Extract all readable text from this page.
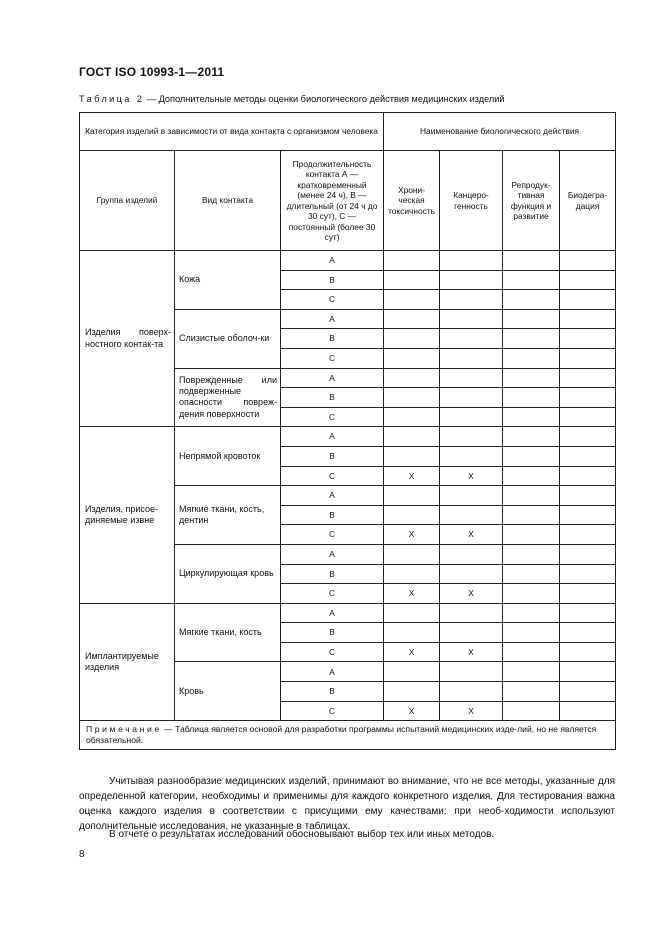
ГОСТ ISO 10993-1—2011
Таблица 2 — Дополнительные методы оценки биологического действия медицинских изделий
Категория изделий в зависимости от вида контакта с организмом человека			Наименование биологического действия			
Группа изделий	Вид контакта	Продолжительность контакта А — кратковременный (менее 24 ч), В — длительный (от 24 ч до 30 сут), С — постоянный (более 30 сут)	Хрони-ческая токсичность	Канцеро-генность	Репродук-тивная функция и развитие	Биодегра-дация
Изделия поверх-ностного контак-та	Кожа	А				
		В				
		С				
	Слизистые оболоч-ки	А				
		В				
		С				
	Поврежденные или подверженные опасности повреж-дения поверхности	А				
		В				
		С				
Изделия, присое-диняемые извне	Непрямой кровоток	А				
		В				
		С	X	X		
	Мягкие ткани, кость, дентин	А				
		В				
		С	X	X		
	Циркулирующая кровь	А				
		В				
		С	X	X		
Имплантируемые изделия	Мягкие ткани, кость	А				
		В				
		С	X	X		
	Кровь	А				
		В				
		С	X	X		
Примечание — Таблица является основой для разработки программы испытаний медицинских изде-лий, но не является обязательной.						
Учитывая разнообразие медицинских изделий, принимают во внимание, что не все методы, указанные для определенной категории, необходимы и применимы для каждого конкретного изделия. Для тестирования важна оценка каждого изделия в соответствии с присущими ему качествами: при необ-ходимости используют дополнительные исследования, не указанные в таблицах.
В отчете о результатах исследований обосновывают выбор тех или иных методов.
8
